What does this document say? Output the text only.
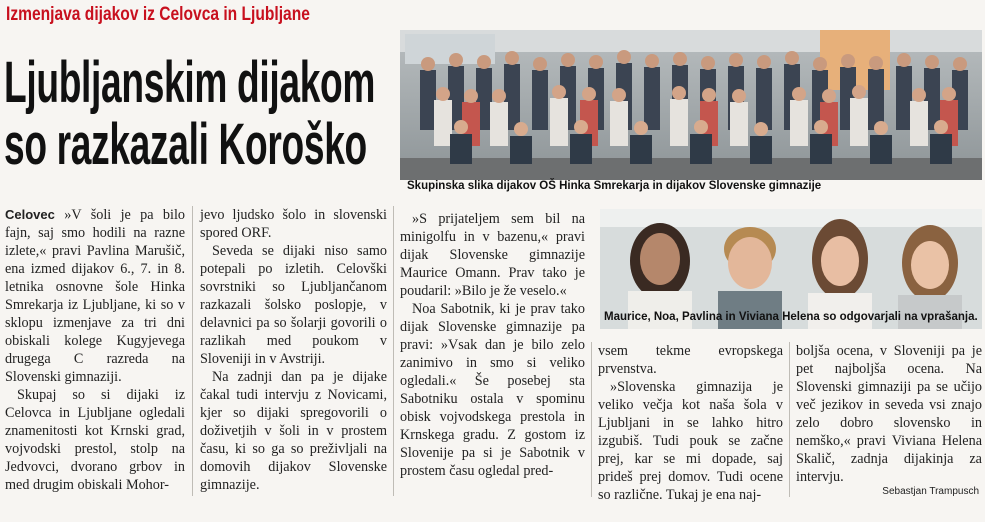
Izmenjava dijakov iz Celovca in Ljubljane
Ljubljanskim dijakom
so razkazali Koroško
Skupinska slika dijakov OŠ Hinka Smrekarja in dijakov Slovenske gimnazije
Maurice, Noa, Pavlina in Viviana Helena so odgovarjali na vprašanja.

Celovec »V šoli je pa bilo fajn, saj smo hodili na razne izlete,« pravi Pavlina Marušič, ena izmed dijakov 6., 7. in 8. letnika osnovne šole Hinka Smrekarja iz Ljubljane, ki so v sklopu izmenjave za tri dni obiskali kolege Kugyjevega drugega C razreda na Slovenski gimnaziji.

Skupaj so si dijaki iz Celovca in Ljubljane ogledali znamenitosti kot Krnski grad, vojvodski prestol, stolp na Jedvovci, dvorano grbov in med drugim obiskali Mohor-

jevo ljudsko šolo in slovenski spored ORF.

Seveda se dijaki niso samo potepali po izletih. Celovški sovrstniki so Ljubljančanom razkazali šolsko poslopje, v delavnici pa so šolarji govorili o razlikah med poukom v Sloveniji in v Avstriji.

Na zadnji dan pa je dijake čakal tudi intervju z Novicami, kjer so dijaki spregovorili o doživetjih v šoli in v prostem času, ki so ga so preživljali na domovih dijakov Slovenske gimnazije.

»S prijateljem sem bil na minigolfu in v bazenu,« pravi dijak Slovenske gimnazije Maurice Omann. Prav tako je poudaril: »Bilo je že veselo.«

Noa Sabotnik, ki je prav tako dijak Slovenske gimnazije pa pravi: »Vsak dan je bilo zelo zanimivo in smo si veliko ogledali.« Še posebej sta Sabotniku ostala v spominu obisk vojvodskega prestola in Krnskega gradu. Z gostom iz Slovenije pa si je Sabotnik v prostem času ogledal pred-

vsem tekme evropskega prvenstva.

»Slovenska gimnazija je veliko večja kot naša šola v Ljubljani in se lahko hitro izgubiš. Tudi pouk se začne prej, kar se mi dopade, saj prideš prej domov. Tudi ocene so različne. Tukaj je ena naj-

boljša ocena, v Sloveniji pa je pet najboljša ocena. Na Slovenski gimnaziji pa se učijo več jezikov in seveda vsi znajo zelo dobro slovensko in nemško,« pravi Viviana Helena Skalič, zadnja dijakinja za intervju.

Sebastjan Trampusch
